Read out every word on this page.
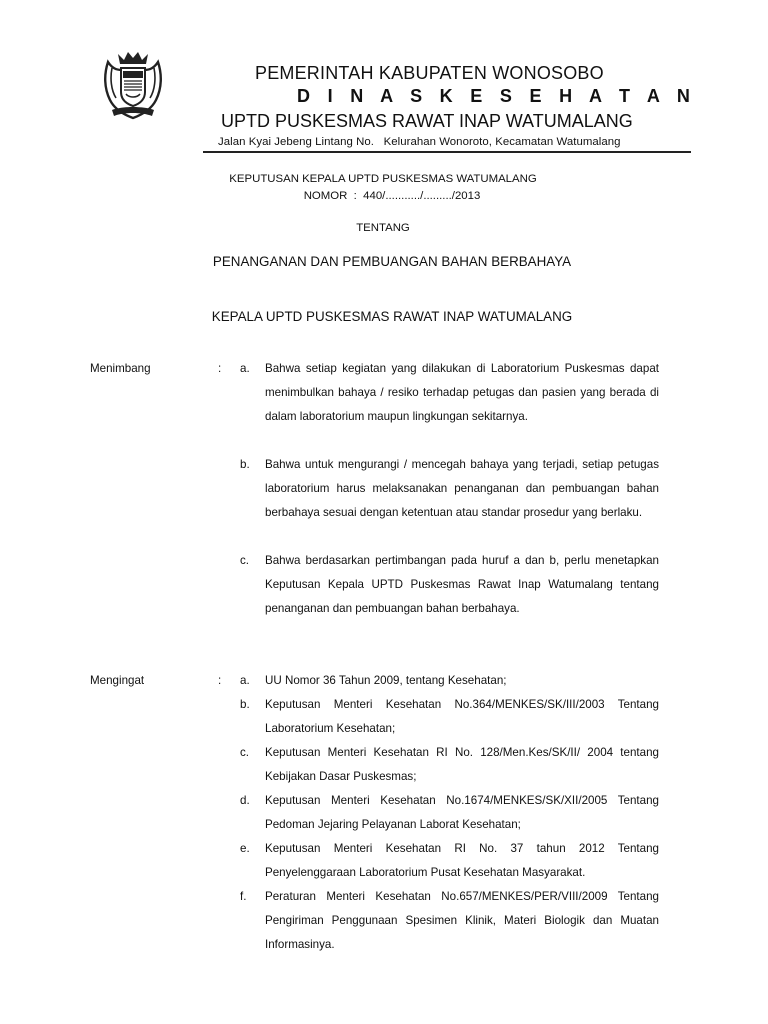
PEMERINTAH KABUPATEN WONOSOBO
D I N A S K E S E H A T A N
UPTD PUSKESMAS RAWAT INAP WATUMALANG
Jalan Kyai Jebeng Lintang No.   Kelurahan Wonoroto, Kecamatan Watumalang
KEPUTUSAN KEPALA UPTD PUSKESMAS WATUMALANG
NOMOR  :  440/.........../........./2013
TENTANG
PENANGANAN DAN PEMBUANGAN BAHAN BERBAHAYA
KEPALA UPTD PUSKESMAS RAWAT INAP WATUMALANG
Menimbang	: a. Bahwa setiap kegiatan yang dilakukan di Laboratorium Puskesmas dapat menimbulkan bahaya / resiko terhadap petugas dan pasien yang berada di dalam laboratorium maupun lingkungan sekitarnya.
b. Bahwa untuk mengurangi / mencegah bahaya yang terjadi, setiap petugas laboratorium harus melaksanakan penanganan dan pembuangan bahan berbahaya sesuai dengan ketentuan atau standar prosedur yang berlaku.
c. Bahwa berdasarkan pertimbangan pada huruf a dan b, perlu menetapkan Keputusan Kepala UPTD Puskesmas Rawat Inap Watumalang tentang penanganan dan pembuangan bahan berbahaya.
Mengingat	: a. UU Nomor 36 Tahun 2009, tentang Kesehatan;
b. Keputusan Menteri Kesehatan No.364/MENKES/SK/III/2003 Tentang Laboratorium Kesehatan;
c. Keputusan Menteri Kesehatan RI No. 128/Men.Kes/SK/II/ 2004 tentang Kebijakan Dasar Puskesmas;
d. Keputusan Menteri Kesehatan No.1674/MENKES/SK/XII/2005 Tentang Pedoman Jejaring Pelayanan Laborat Kesehatan;
e. Keputusan Menteri Kesehatan RI No. 37 tahun 2012 Tentang Penyelenggaraan Laboratorium Pusat Kesehatan Masyarakat.
f. Peraturan Menteri Kesehatan No.657/MENKES/PER/VIII/2009 Tentang Pengiriman Penggunaan Spesimen Klinik, Materi Biologik dan Muatan Informasinya.
